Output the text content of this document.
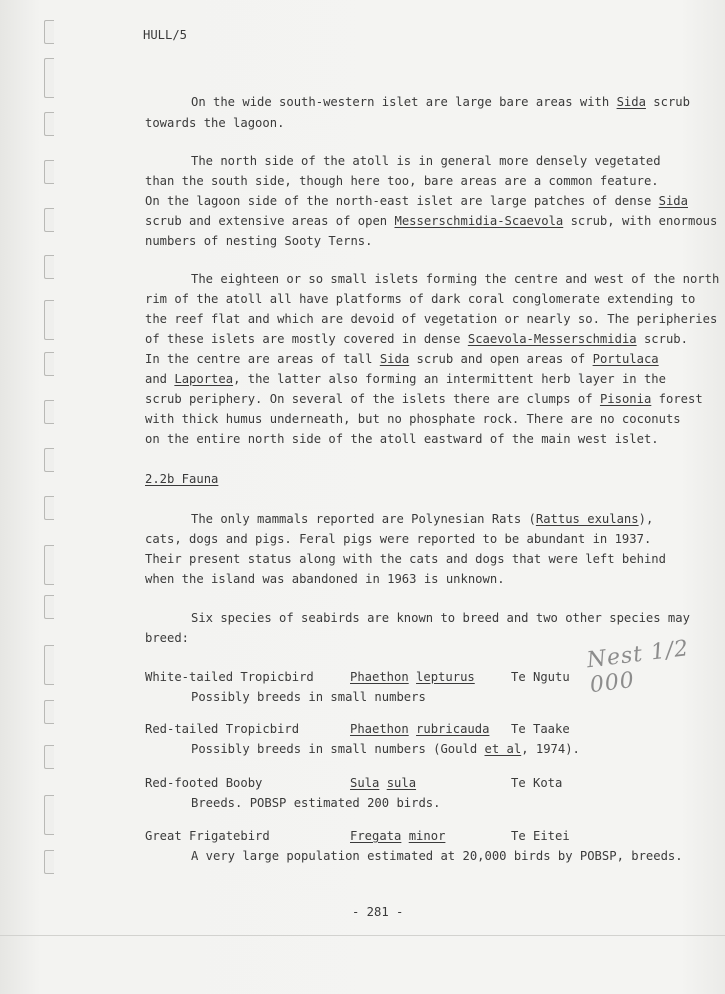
HULL/5
On the wide south-western islet are large bare areas with Sida scrub
towards the lagoon.
The north side of the atoll is in general more densely vegetated
than the south side, though here too, bare areas are a common feature.
On the lagoon side of the north-east islet are large patches of dense Sida
scrub and extensive areas of open Messerschmidia-Scaevola scrub, with enormous
numbers of nesting Sooty Terns.
The eighteen or so small islets forming the centre and west of the north
rim of the atoll all have platforms of dark coral conglomerate extending to
the reef flat and which are devoid of vegetation or nearly so. The peripheries
of these islets are mostly covered in dense Scaevola-Messerschmidia scrub.
In the centre are areas of tall Sida scrub and open areas of Portulaca
and Laportea, the latter also forming an intermittent herb layer in the
scrub periphery. On several of the islets there are clumps of Pisonia forest
with thick humus underneath, but no phosphate rock. There are no coconuts
on the entire north side of the atoll eastward of the main west islet.
2.2b Fauna
The only mammals reported are Polynesian Rats (Rattus exulans),
cats, dogs and pigs. Feral pigs were reported to be abundant in 1937.
Their present status along with the cats and dogs that were left behind
when the island was abandoned in 1963 is unknown.
Six species of seabirds are known to breed and two other species may
breed:
White-tailed Tropicbird	Phaethon lepturus	Te Ngutu
Possibly breeds in small numbers
Red-tailed Tropicbird	Phaethon rubricauda Te Taake
Possibly breeds in small numbers (Gould et al, 1974).
Red-footed Booby	Sula sula	Te Kota
Breeds. POBSP estimated 200 birds.
Great Frigatebird	Fregata minor	Te Eitei
A very large population estimated at 20,000 birds by POBSP, breeds.
Nest 1/2 000
- 281 -
